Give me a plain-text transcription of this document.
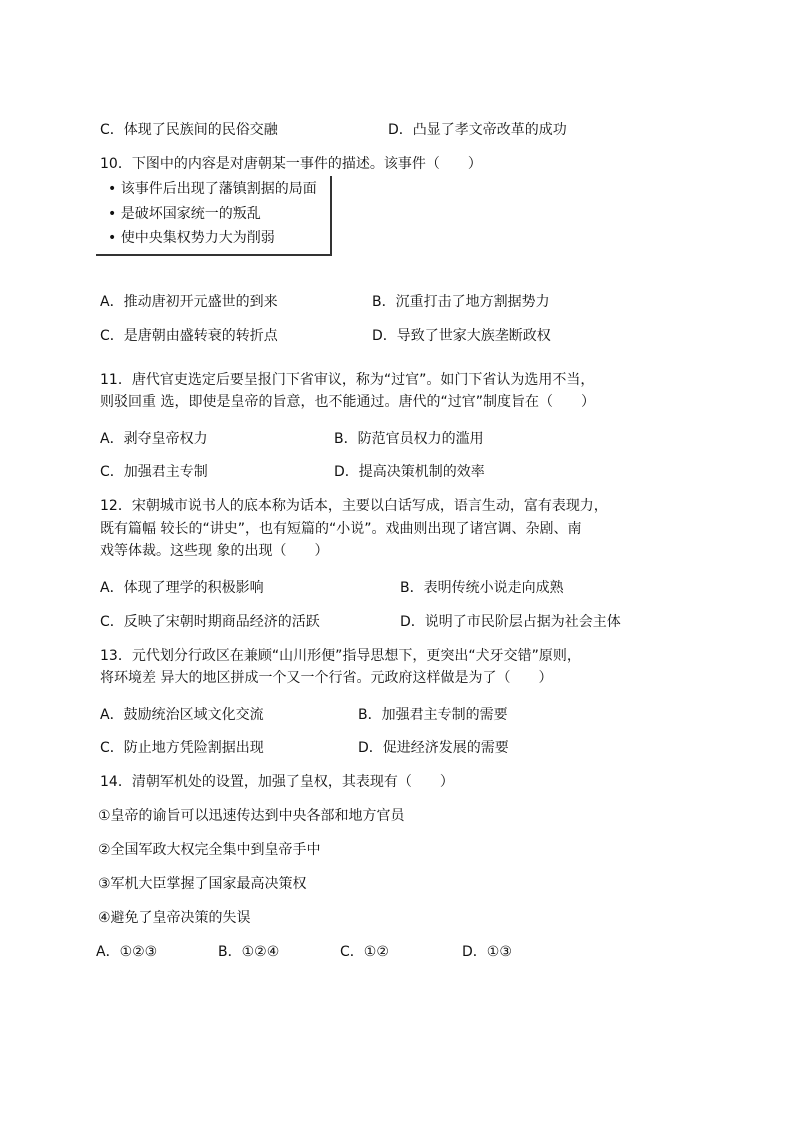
C．体现了民族间的民俗交融	D．凸显了孝文帝改革的成功
10．下图中的内容是对唐朝某一事件的描述。该事件（　　）
• 该事件后出现了藩镇割据的局面
• 是破坏国家统一的叛乱
• 使中央集权势力大为削弱
A．推动唐初开元盛世的到来	B．沉重打击了地方割据势力
C．是唐朝由盛转衰的转折点	D．导致了世家大族垄断政权
11．唐代官吏选定后要呈报门下省审议，称为“过官”。如门下省认为选用不当，
则驳回重 选，即使是皇帝的旨意，也不能通过。唐代的“过官”制度旨在（　　）
A．剥夺皇帝权力	B．防范官员权力的滥用
C．加强君主专制	D．提高决策机制的效率
12．宋朝城市说书人的底本称为话本，主要以白话写成，语言生动，富有表现力，
既有篇幅 较长的“讲史”，也有短篇的“小说”。戏曲则出现了诸宫调、杂剧、南
戏等体裁。这些现 象的出现（　　）
A．体现了理学的积极影响	B．表明传统小说走向成熟
C．反映了宋朝时期商品经济的活跃	D．说明了市民阶层占据为社会主体
13．元代划分行政区在兼顾“山川形便”指导思想下，更突出“犬牙交错”原则，
将环境差 异大的地区拼成一个又一个行省。元政府这样做是为了（　　）
A．鼓励统治区域文化交流	B．加强君主专制的需要
C．防止地方凭险割据出现	D．促进经济发展的需要
14．清朝军机处的设置，加强了皇权，其表现有（　　）
①皇帝的谕旨可以迅速传达到中央各部和地方官员
②全国军政大权完全集中到皇帝手中
③军机大臣掌握了国家最高决策权
④避免了皇帝决策的失误
A．①②③	B．①②④	C．①②	D．①③
